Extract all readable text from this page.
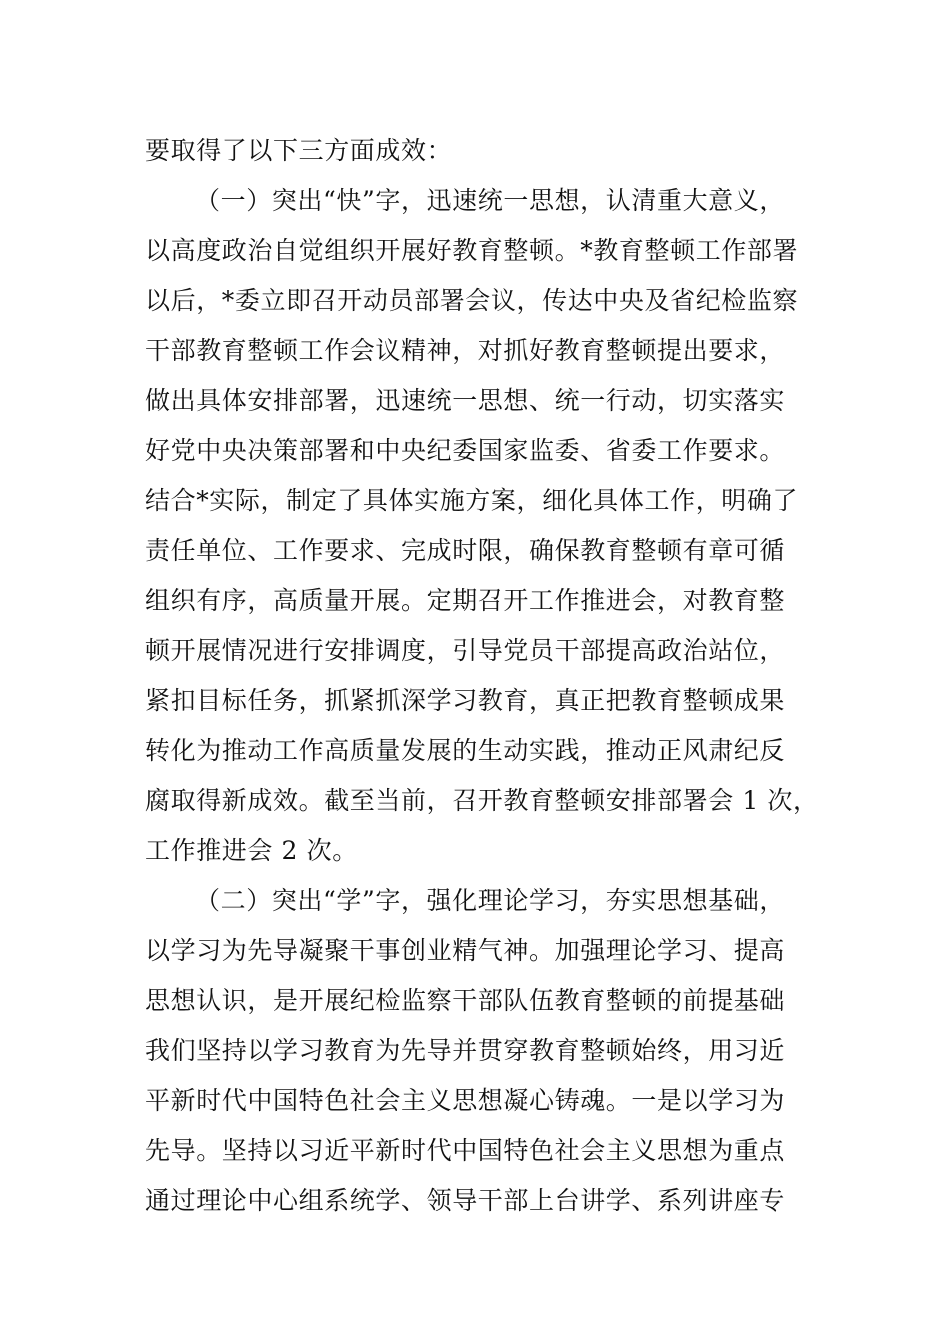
要取得了以下三方面成效：
（一）突出“快”字，迅速统一思想，认清重大意义，
以高度政治自觉组织开展好教育整顿。*教育整顿工作部署
以后，*委立即召开动员部署会议，传达中央及省纪检监察
干部教育整顿工作会议精神，对抓好教育整顿提出要求，
做出具体安排部署，迅速统一思想、统一行动，切实落实
好党中央决策部署和中央纪委国家监委、省委工作要求。
结合*实际，制定了具体实施方案，细化具体工作，明确了
责任单位、工作要求、完成时限，确保教育整顿有章可循
组织有序，高质量开展。定期召开工作推进会，对教育整
顿开展情况进行安排调度，引导党员干部提高政治站位，
紧扣目标任务，抓紧抓深学习教育，真正把教育整顿成果
转化为推动工作高质量发展的生动实践，推动正风肃纪反
腐取得新成效。截至当前，召开教育整顿安排部署会 1 次，
工作推进会 2 次。
（二）突出“学”字，强化理论学习，夯实思想基础，
以学习为先导凝聚干事创业精气神。加强理论学习、提高
思想认识，是开展纪检监察干部队伍教育整顿的前提基础
我们坚持以学习教育为先导并贯穿教育整顿始终，用习近
平新时代中国特色社会主义思想凝心铸魂。一是以学习为
先导。坚持以习近平新时代中国特色社会主义思想为重点
通过理论中心组系统学、领导干部上台讲学、系列讲座专
